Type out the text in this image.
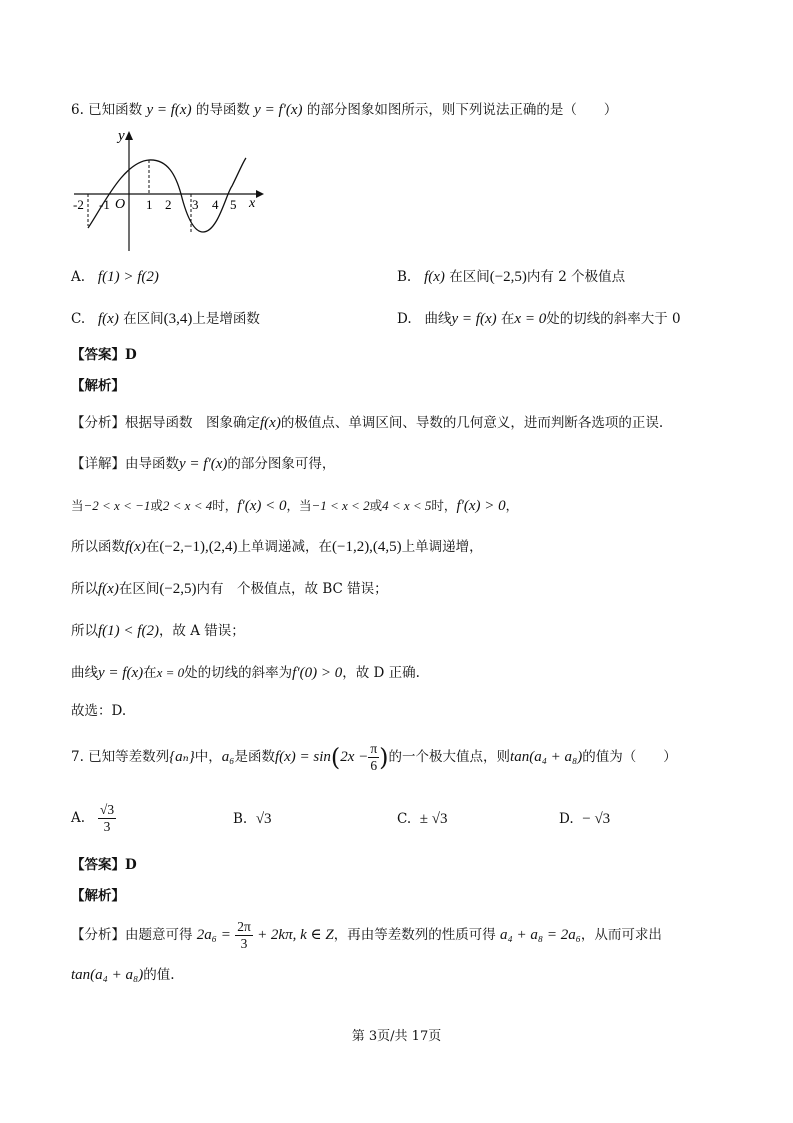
6. 已知函数 y = f(x) 的导函数 y = f′(x) 的部分图象如图所示，则下列说法正确的是（　　）
y
x
O
-2 -1	1 2 3 4 5
A. f(1) > f(2)	B. f(x) 在区间(−2,5)内有 2 个极值点
C. f(x) 在区间(3,4)上是增函数	D. 曲线y = f(x) 在x = 0处的切线的斜率大于 0
【答案】D
【解析】
【分析】根据导函数　图象确定f(x)的极值点、单调区间、导数的几何意义，进而判断各选项的正误.
【详解】由导函数y = f′(x)的部分图象可得，
当−2 < x < −1或2 < x < 4时，f′(x) < 0，当−1 < x < 2或4 < x < 5时，f′(x) > 0，
所以函数f(x)在(−2,−1),(2,4)上单调递减，在(−1,2),(4,5)上单调递增，
所以f(x)在区间(−2,5)内有　个极值点，故 BC 错误；
所以f(1) < f(2)，故 A 错误；
曲线y = f(x)在x = 0处的切线的斜率为f′(0) > 0，故 D 正确.
故选：D.
7. 已知等差数列{aₙ}中，a₆是函数$f(x) = \sin(2x - \frac{\pi}{6}$ )的一个极大值点，则tan(a₄ + a₈)的值为（　　）
A. $\frac{√3}{3}$	B. √3	C. ± √3	D. − √3
【答案】D
【解析】
【分析】由题意可得 $2a_6 = \frac{2\pi}{3} + 2k\pi$, k ∈ Z，再由等差数列的性质可得 a₄ + a₈ = 2a₆，从而可求出
tan(a₄ + a₈)的值.
第 3页/共 17页
